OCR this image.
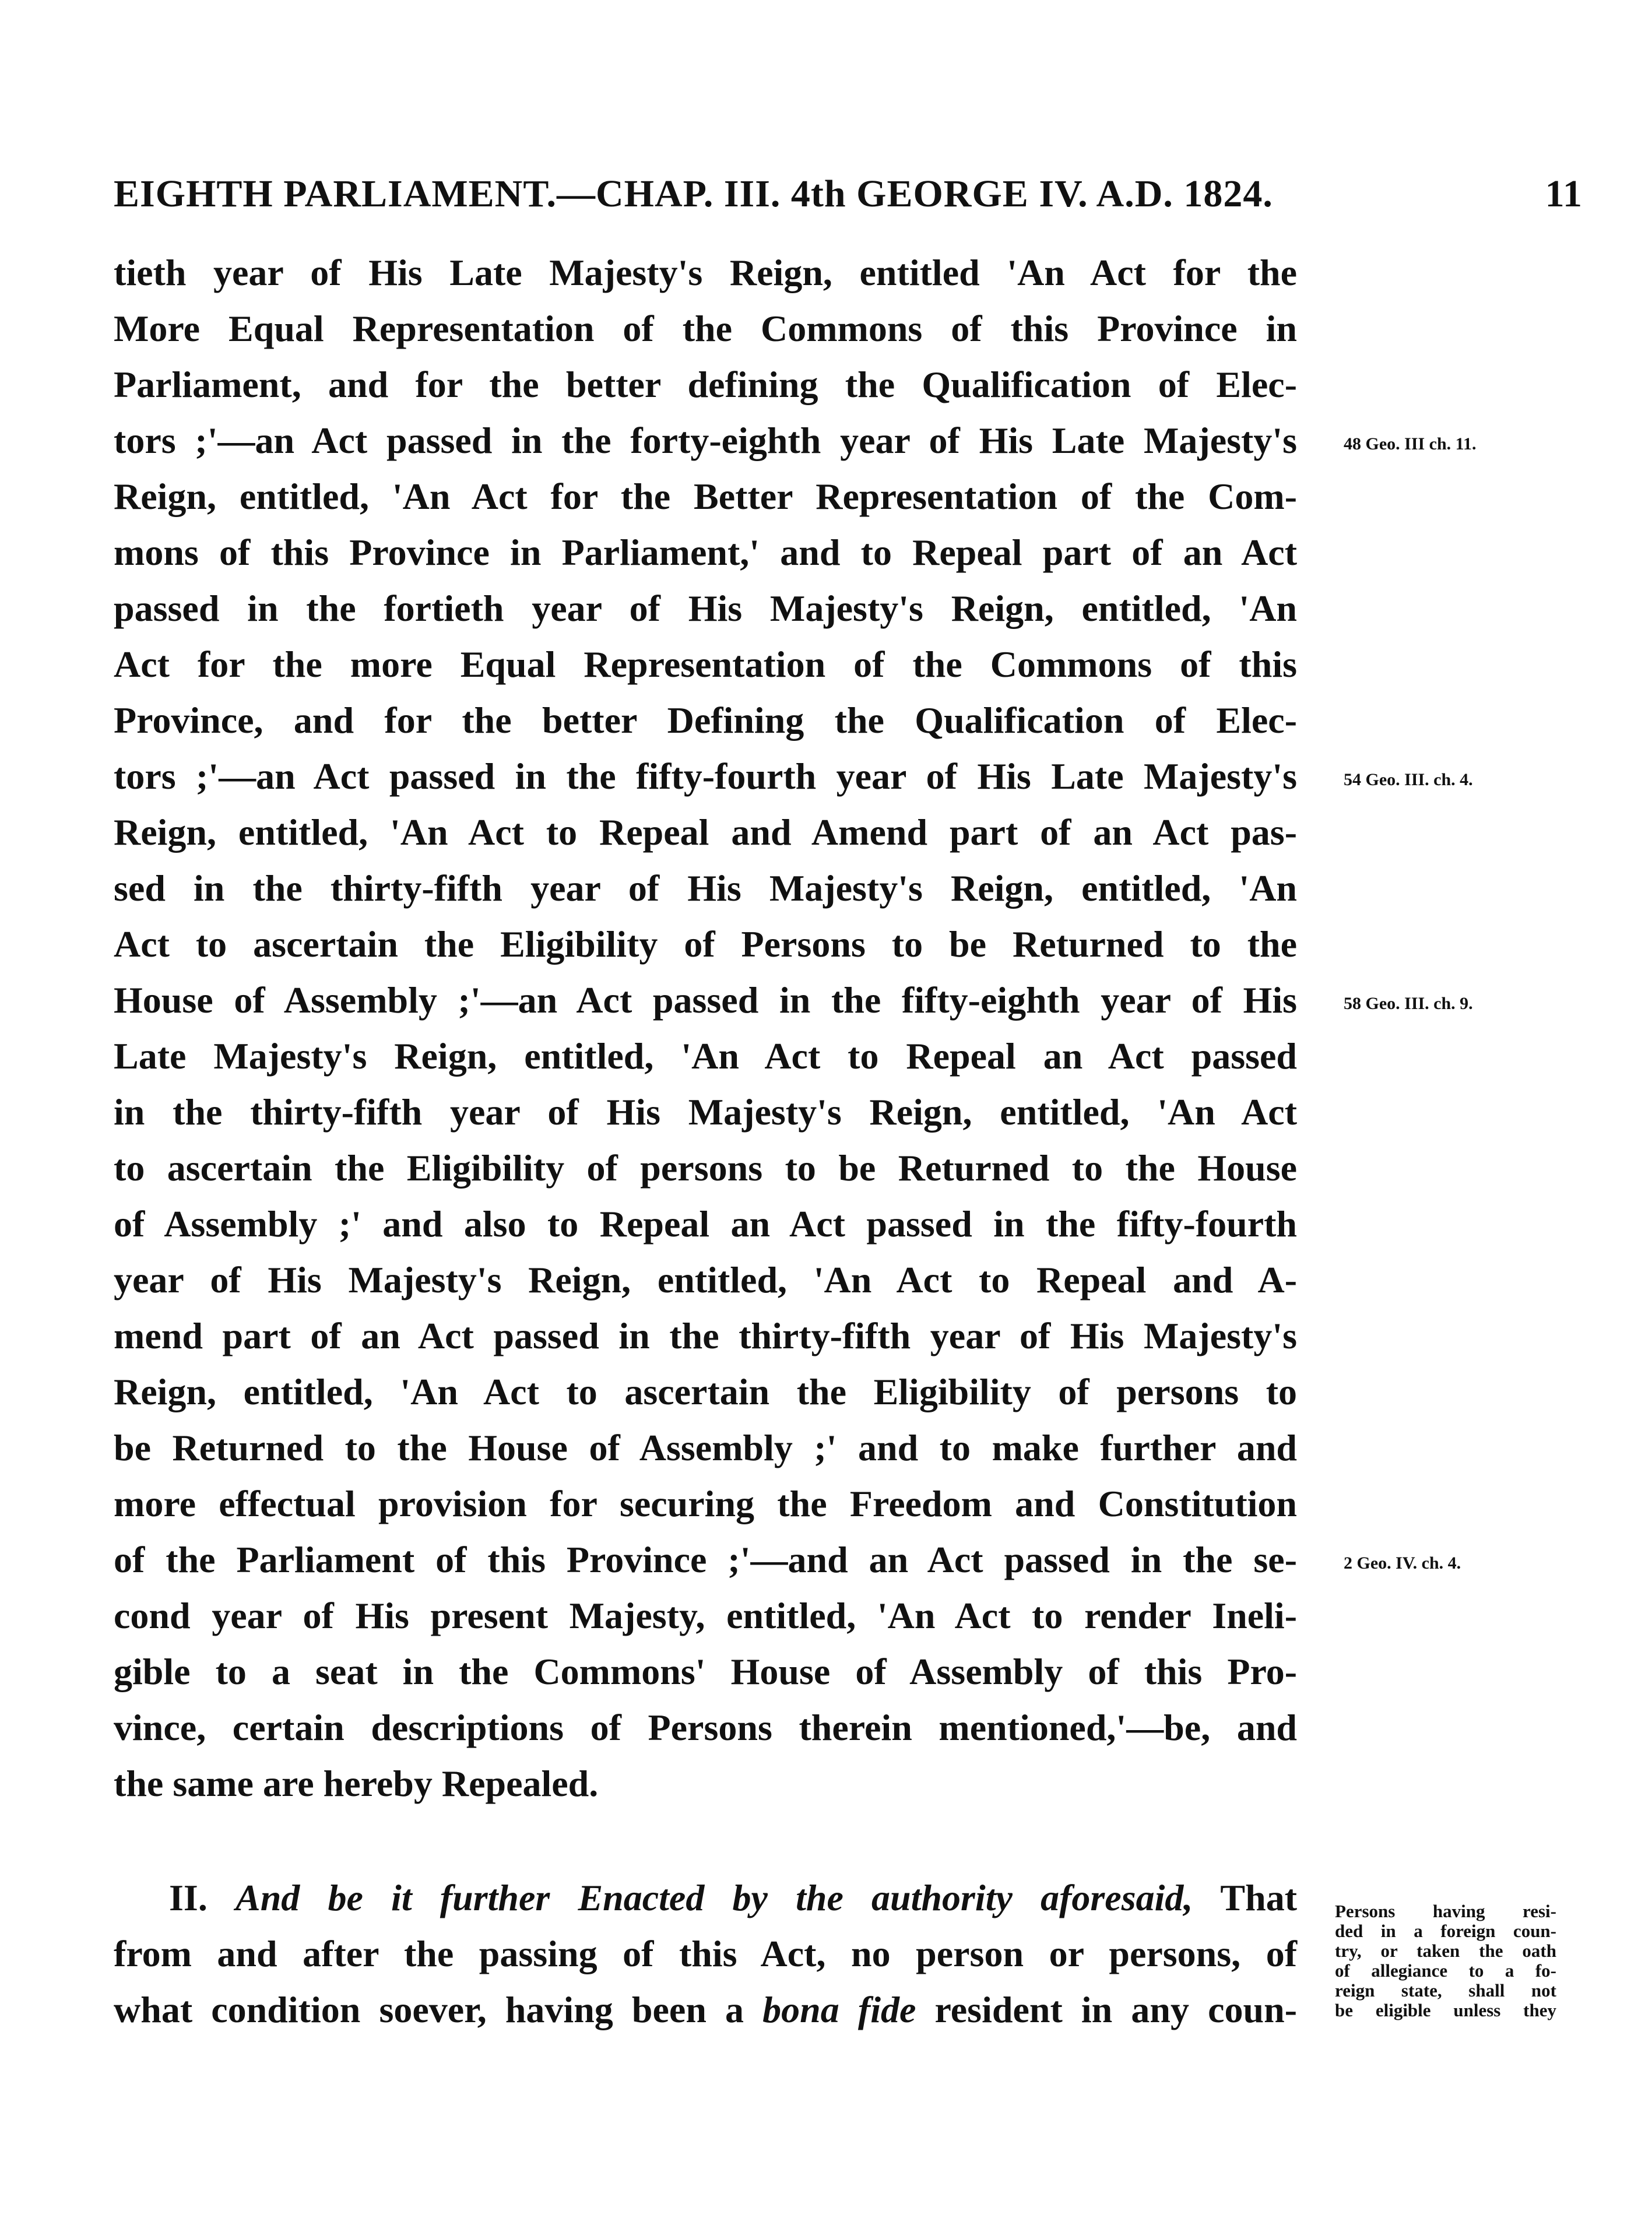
EIGHTH PARLIAMENT.—CHAP. III. 4th GEORGE IV. A.D. 1824.	11
tieth year of His Late Majesty's Reign, entitled 'An Act for the
More Equal Representation of the Commons of this Province in
Parliament, and for the better defining the Qualification of Elec-
tors ;'—an Act passed in the forty-eighth year of His Late Majesty's
Reign, entitled, 'An Act for the Better Representation of the Com-
mons of this Province in Parliament,' and to Repeal part of an Act
passed in the fortieth year of His Majesty's Reign, entitled, 'An
Act for the more Equal Representation of the Commons of this
Province, and for the better Defining the Qualification of Elec-
tors ;'—an Act passed in the fifty-fourth year of His Late Majesty's
Reign, entitled, 'An Act to Repeal and Amend part of an Act pas-
sed in the thirty-fifth year of His Majesty's Reign, entitled, 'An
Act to ascertain the Eligibility of Persons to be Returned to the
House of Assembly ;'—an Act passed in the fifty-eighth year of His
Late Majesty's Reign, entitled, 'An Act to Repeal an Act passed
in the thirty-fifth year of His Majesty's Reign, entitled, 'An Act
to ascertain the Eligibility of persons to be Returned to the House
of Assembly ;' and also to Repeal an Act passed in the fifty-fourth
year of His Majesty's Reign, entitled, 'An Act to Repeal and A-
mend part of an Act passed in the thirty-fifth year of His Majesty's
Reign, entitled, 'An Act to ascertain the Eligibility of persons to
be Returned to the House of Assembly ;' and to make further and
more effectual provision for securing the Freedom and Constitution
of the Parliament of this Province ;'—and an Act passed in the se-
cond year of His present Majesty, entitled, 'An Act to render Ineli-
gible to a seat in the Commons' House of Assembly of this Pro-
vince, certain descriptions of Persons therein mentioned,'—be, and
the same are hereby Repealed.
II. And be it further Enacted by the authority aforesaid, That
from and after the passing of this Act, no person or persons, of
what condition soever, having been a bona fide resident in any coun-
48 Geo. III ch. 11.
54 Geo. III. ch. 4.
58 Geo. III. ch. 9.
2 Geo. IV. ch. 4.
Persons having resi-
ded in a foreign coun-
try, or taken the oath
of allegiance to a fo-
reign state, shall not
be eligible unless they
